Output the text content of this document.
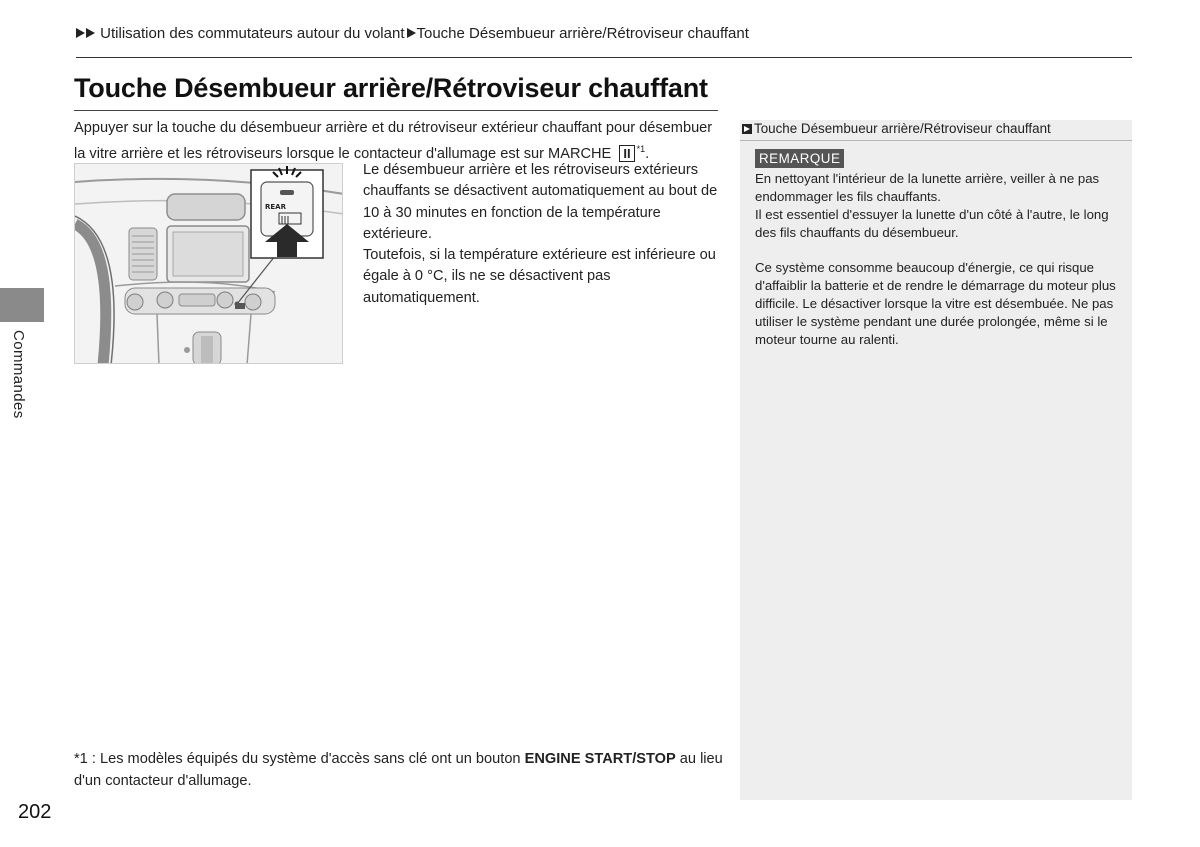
Utilisation des commutateurs autour du volant Touche Désembueur arrière/Rétroviseur chauffant
Touche Désembueur arrière/Rétroviseur chauffant
Appuyer sur la touche du désembueur arrière et du rétroviseur extérieur chauffant pour désembuer la vitre arrière et les rétroviseurs lorsque le contacteur d'allumage est sur MARCHE II $^{*1}$.
REAR
Le désembueur arrière et les rétroviseurs extérieurs chauffants se désactivent automatiquement au bout de 10 à 30 minutes en fonction de la température extérieure.
Toutefois, si la température extérieure est inférieure ou égale à 0 °C, ils ne se désactivent pas automatiquement.
*1 : Les modèles équipés du système d'accès sans clé ont un bouton ENGINE START/STOP au lieu d'un contacteur d'allumage.
202
Commandes
Touche Désembueur arrière/Rétroviseur chauffant
REMARQUE
En nettoyant l'intérieur de la lunette arrière, veiller à ne pas endommager les fils chauffants.
Il est essentiel d'essuyer la lunette d'un côté à l'autre, le long des fils chauffants du désembueur.
Ce système consomme beaucoup d'énergie, ce qui risque d'affaiblir la batterie et de rendre le démarrage du moteur plus difficile. Le désactiver lorsque la vitre est désembuée. Ne pas utiliser le système pendant une durée prolongée, même si le moteur tourne au ralenti.
